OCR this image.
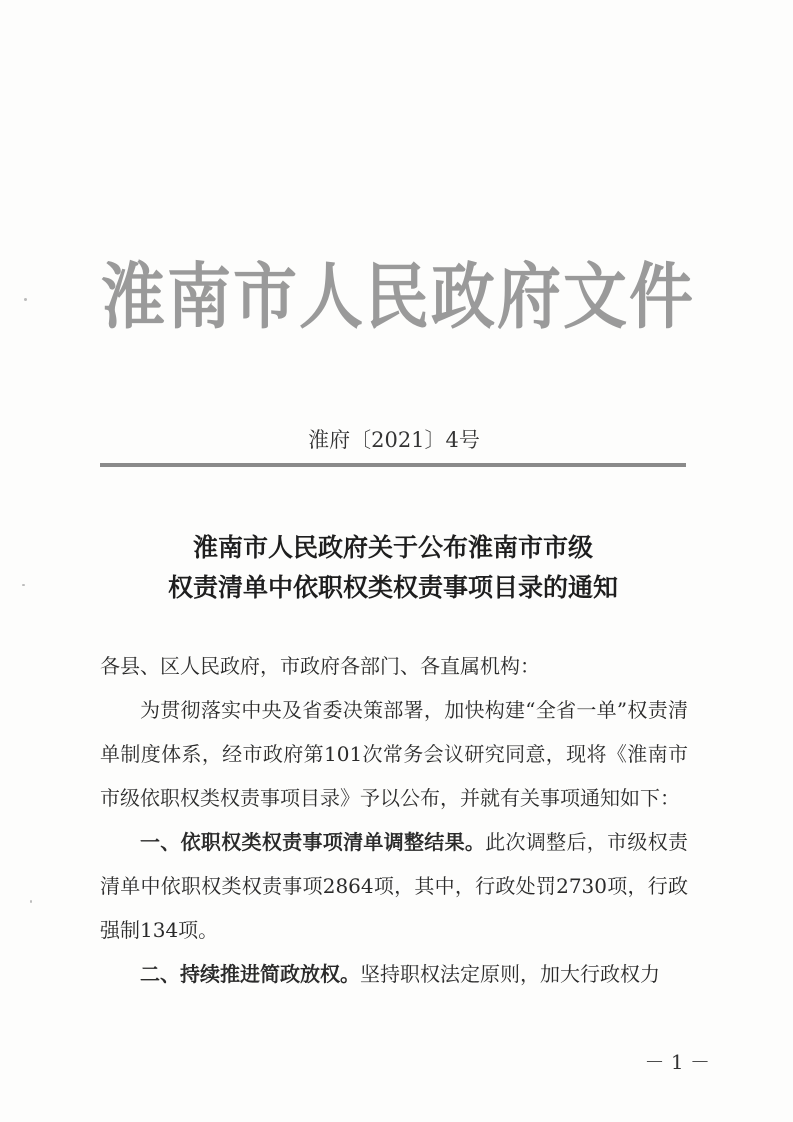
淮南市人民政府文件
淮府〔2021〕4号
淮南市人民政府关于公布淮南市市级
权责清单中依职权类权责事项目录的通知

各县、区人民政府，市政府各部门、各直属机构：

为贯彻落实中央及省委决策部署，加快构建“全省一单”权责清单制度体系，经市政府第101次常务会议研究同意，现将《淮南市市级依职权类权责事项目录》予以公布，并就有关事项通知如下：

一、依职权类权责事项清单调整结果。此次调整后，市级权责清单中依职权类权责事项2864项，其中，行政处罚2730项，行政强制134项。

二、持续推进简政放权。坚持职权法定原则，加大行政权力

－ 1 －
